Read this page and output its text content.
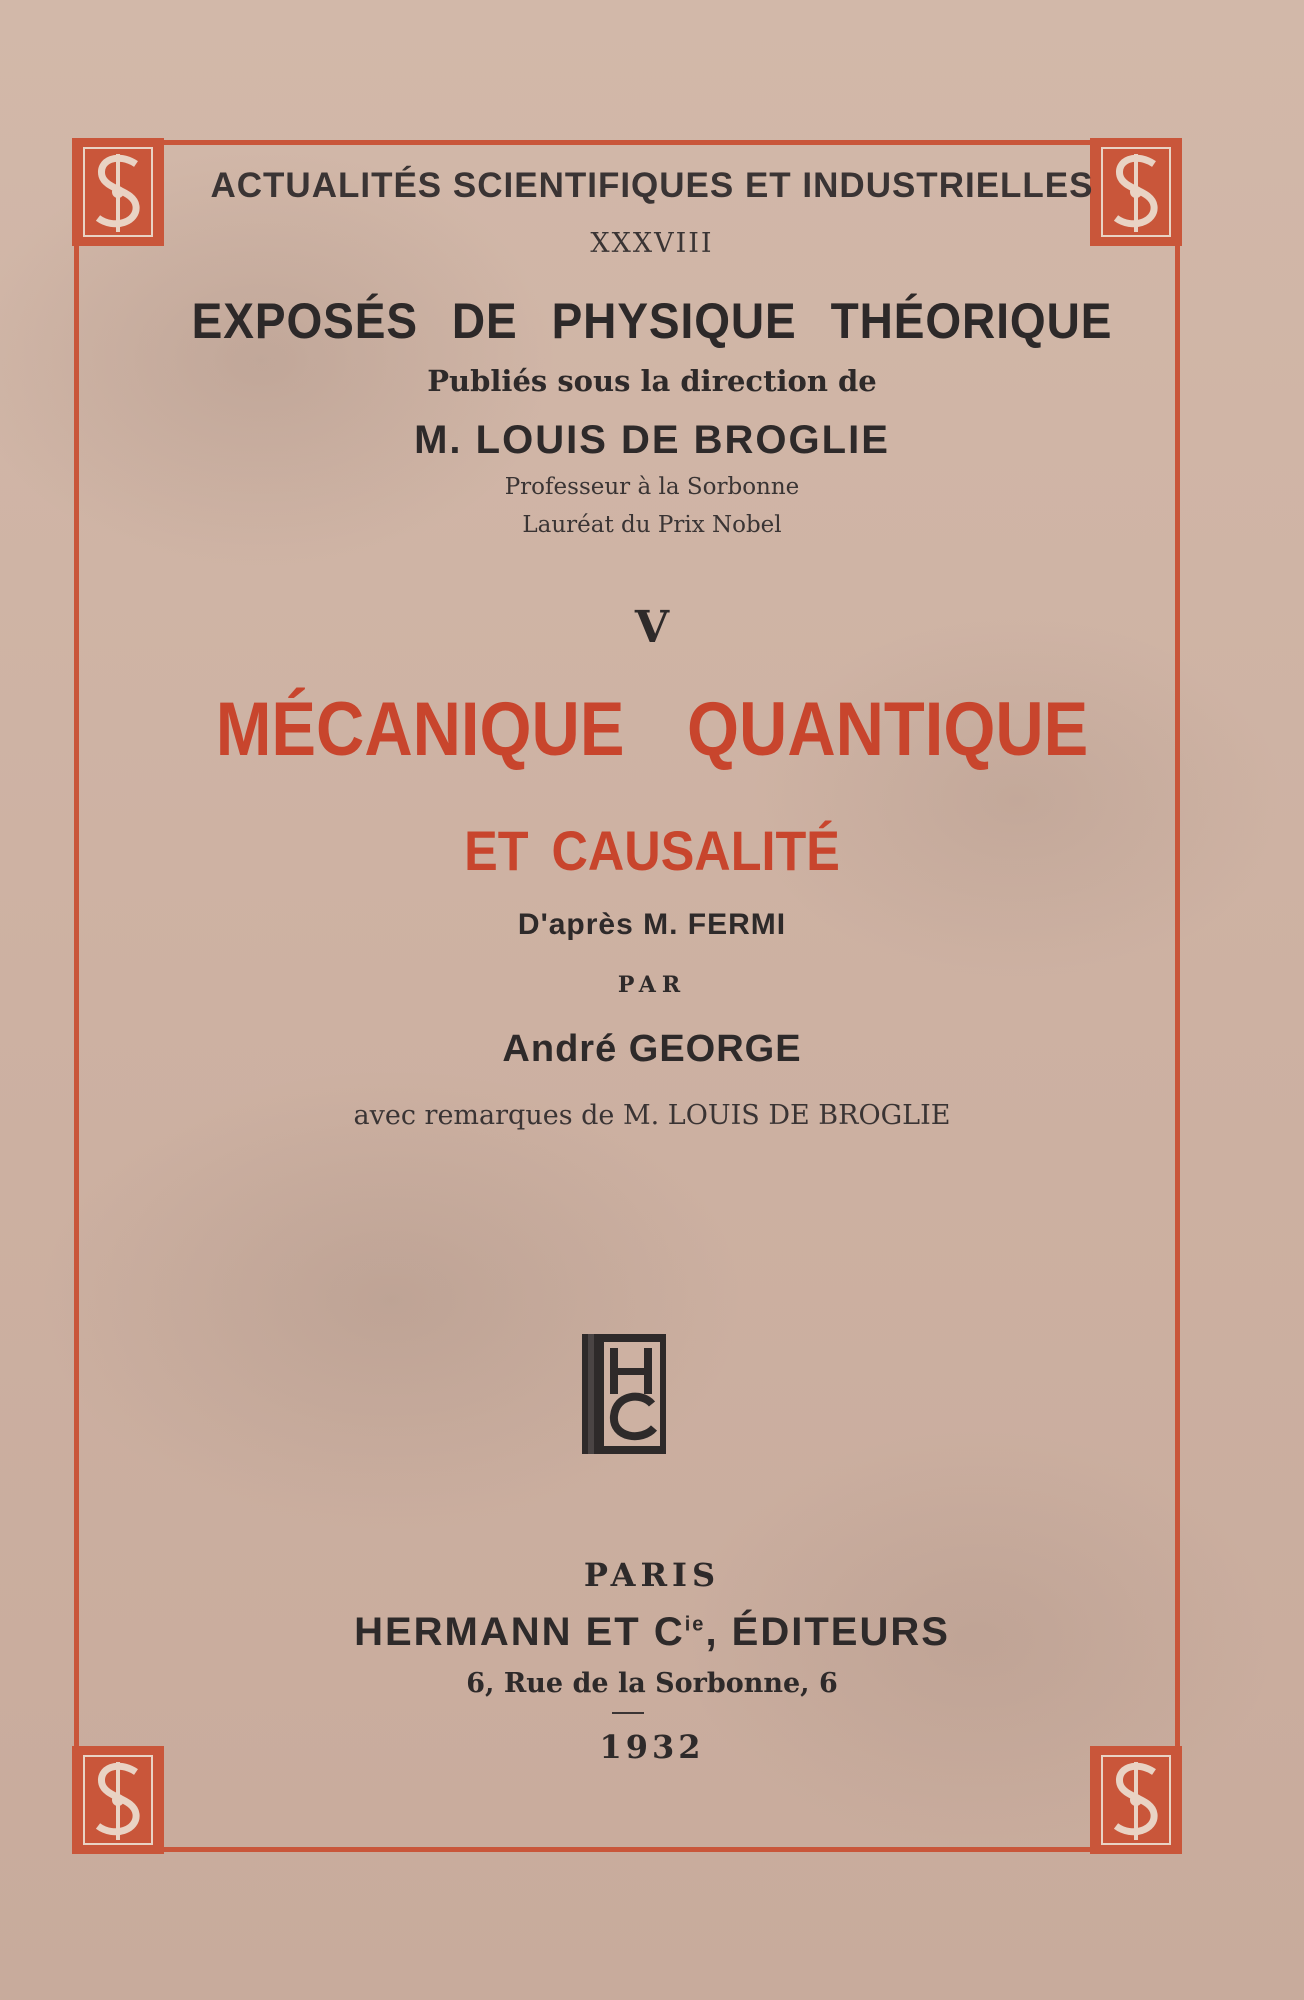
ACTUALITÉS SCIENTIFIQUES ET INDUSTRIELLES
XXXVIII
EXPOSÉS DE PHYSIQUE THÉORIQUE
Publiés sous la direction de
M. LOUIS DE BROGLIE
Professeur à la Sorbonne
Lauréat du Prix Nobel
V
MÉCANIQUE QUANTIQUE
ET CAUSALITÉ
D'après M. FERMI
PAR
André GEORGE
avec remarques de M. LOUIS DE BROGLIE
PARIS
HERMANN ET $C^{ie}$, ÉDITEURS
6, Rue de la Sorbonne, 6
1932
